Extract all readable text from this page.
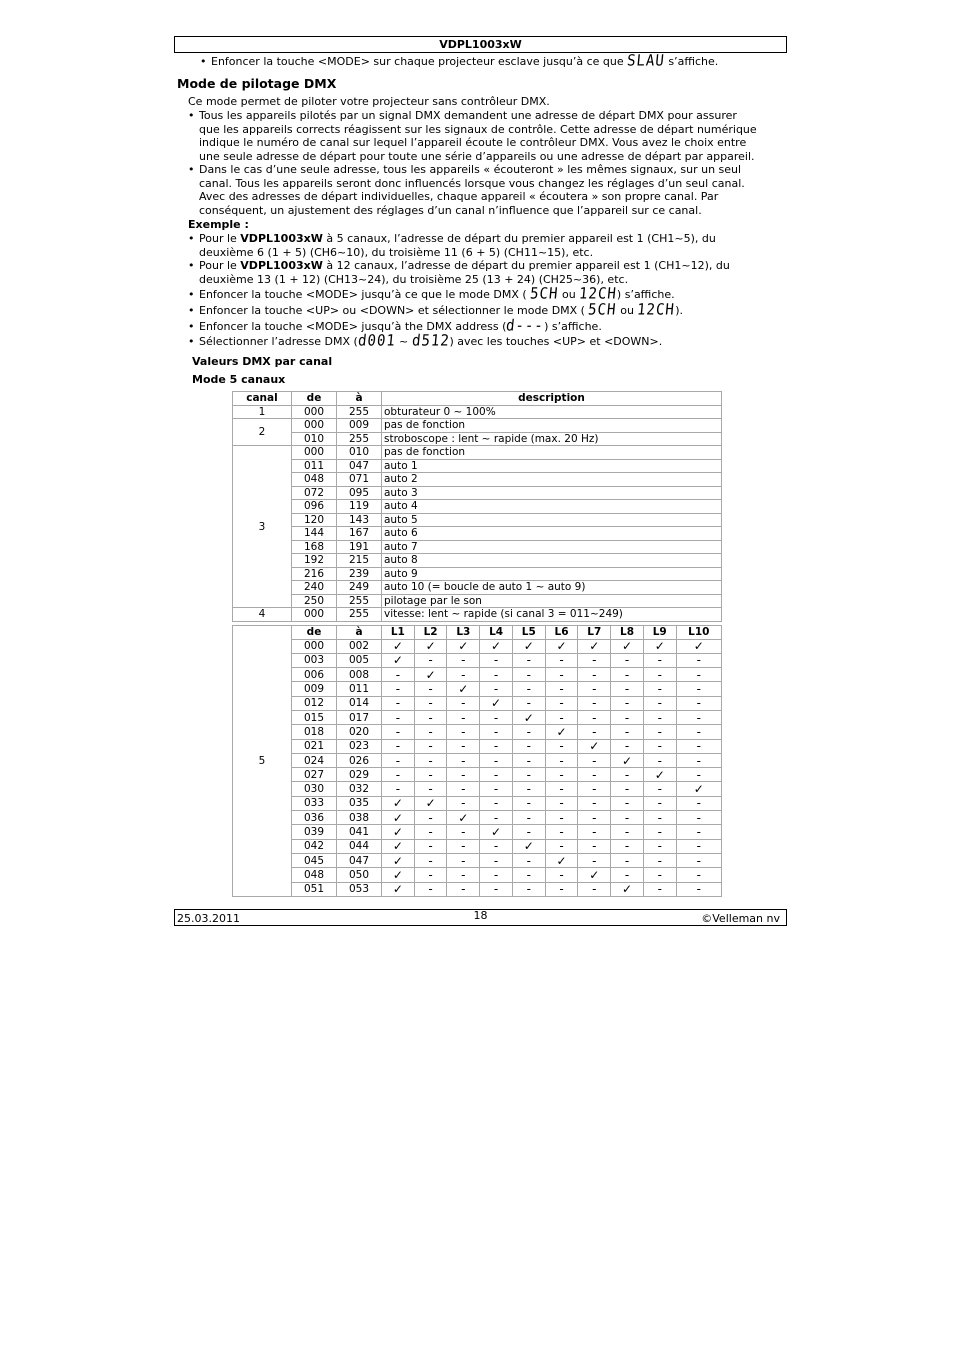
VDPL1003xW
• Enfoncer la touche <MODE> sur chaque projecteur esclave jusqu’à ce que SLAU s’affiche.
Mode de pilotage DMX
Ce mode permet de piloter votre projecteur sans contrôleur DMX.
• Tous les appareils pilotés par un signal DMX demandent une adresse de départ DMX pour assurer
que les appareils corrects réagissent sur les signaux de contrôle. Cette adresse de départ numérique
indique le numéro de canal sur lequel l’appareil écoute le contrôleur DMX. Vous avez le choix entre
une seule adresse de départ pour toute une série d’appareils ou une adresse de départ par appareil.
• Dans le cas d’une seule adresse, tous les appareils « écouteront » les mêmes signaux, sur un seul
canal. Tous les appareils seront donc influencés lorsque vous changez les réglages d’un seul canal.
Avec des adresses de départ individuelles, chaque appareil « écoutera » son propre canal. Par
conséquent, un ajustement des réglages d’un canal n’influence que l’appareil sur ce canal.
Exemple :
• Pour le VDPL1003xW à 5 canaux, l’adresse de départ du premier appareil est 1 (CH1~5), du
deuxième 6 (1 + 5) (CH6~10), du troisième 11 (6 + 5) (CH11~15), etc.
• Pour le VDPL1003xW à 12 canaux, l’adresse de départ du premier appareil est 1 (CH1~12), du
deuxième 13 (1 + 12) (CH13~24), du troisième 25 (13 + 24) (CH25~36), etc.
• Enfoncer la touche <MODE> jusqu’à ce que le mode DMX ( 5CH ou 12CH) s’affiche.
• Enfoncer la touche <UP> ou <DOWN> et sélectionner le mode DMX ( 5CH ou 12CH).
• Enfoncer la touche <MODE> jusqu’à the DMX address (d---) s’affiche.
• Sélectionner l’adresse DMX (d001 ~ d512) avec les touches <UP> et <DOWN>.
Valeurs DMX par canal
Mode 5 canaux
canal	de	à	description
1	000	255	obturateur 0 ~ 100%
2	000	009	pas de fonction
	010	255	stroboscope : lent ~ rapide (max. 20 Hz)
3	000	010	pas de fonction
	011	047	auto 1
	048	071	auto 2
	072	095	auto 3
	096	119	auto 4
	120	143	auto 5
	144	167	auto 6
	168	191	auto 7
	192	215	auto 8
	216	239	auto 9
	240	249	auto 10 (= boucle de auto 1 ~ auto 9)
	250	255	pilotage par le son
4	000	255	vitesse: lent ~ rapide (si canal 3 = 011~249)
5	de	à	L1	L2	L3	L4	L5	L6	L7	L8	L9	L10
	000	002	✓	✓	✓	✓	✓	✓	✓	✓	✓	✓
	003	005	✓	-	-	-	-	-	-	-	-	-
	006	008	-	✓	-	-	-	-	-	-	-	-
	009	011	-	-	✓	-	-	-	-	-	-	-
	012	014	-	-	-	✓	-	-	-	-	-	-
	015	017	-	-	-	-	✓	-	-	-	-	-
	018	020	-	-	-	-	-	✓	-	-	-	-
	021	023	-	-	-	-	-	-	✓	-	-	-
	024	026	-	-	-	-	-	-	-	✓	-	-
	027	029	-	-	-	-	-	-	-	-	✓	-
	030	032	-	-	-	-	-	-	-	-	-	✓
	033	035	✓	✓	-	-	-	-	-	-	-	-
	036	038	✓	-	✓	-	-	-	-	-	-	-
	039	041	✓	-	-	✓	-	-	-	-	-	-
	042	044	✓	-	-	-	✓	-	-	-	-	-
	045	047	✓	-	-	-	-	✓	-	-	-	-
	048	050	✓	-	-	-	-	-	✓	-	-	-
	051	053	✓	-	-	-	-	-	-	✓	-	-
25.03.2011	18	©Velleman nv
